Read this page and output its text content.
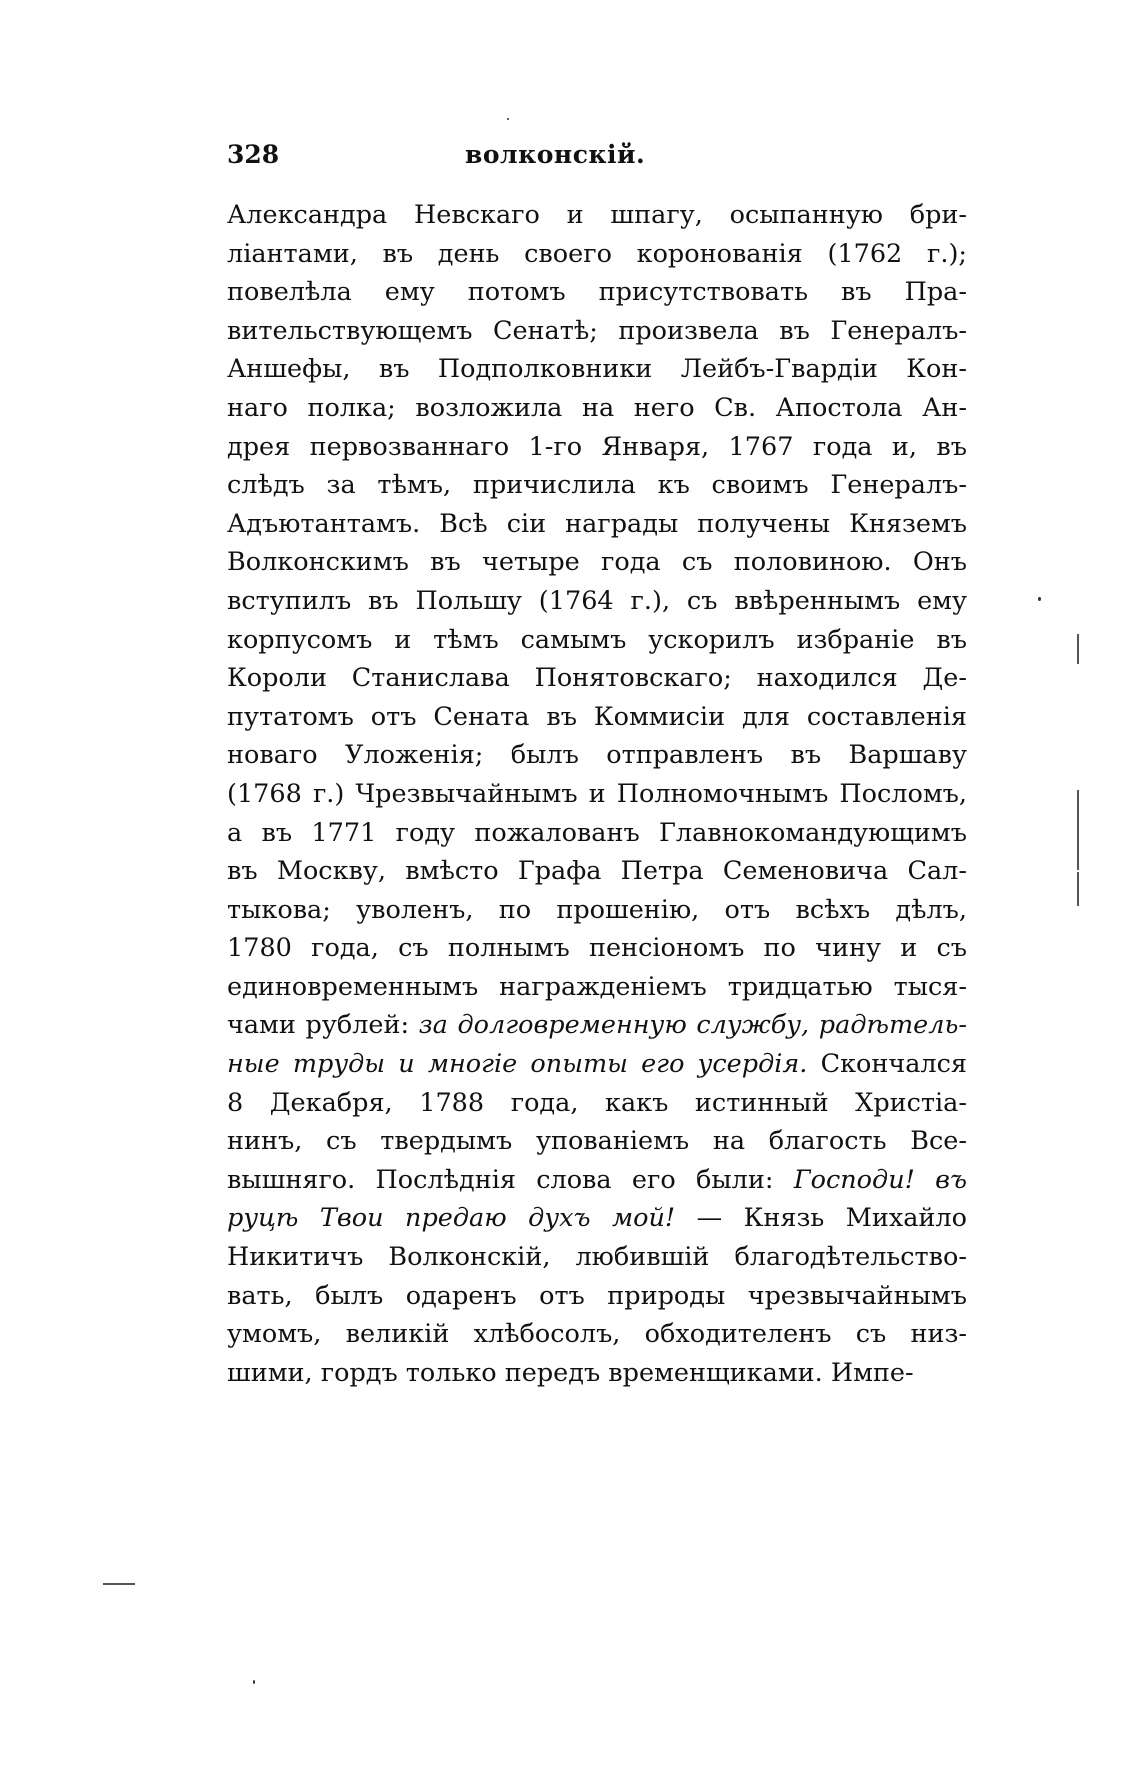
328	волконскій.
Александра Невскаго и шпагу, осыпанную бри-
ліантами, въ день своего коронованія (1762 г.);
повелѣла ему потомъ присутствовать въ Пра-
вительствующемъ Сенатѣ; произвела въ Генералъ-
Аншефы, въ Подполковники Лейбъ-Гвардіи Кон-
наго полка; возложила на него Св. Апостола Ан-
дрея первозваннаго 1-го Января, 1767 года и, въ
слѣдъ за тѣмъ, причислила къ своимъ Генералъ-
Адъютантамъ. Всѣ сіи награды получены Княземъ
Волконскимъ въ четыре года съ половиною. Онъ
вступилъ въ Польшу (1764 г.), съ ввѣреннымъ ему
корпусомъ и тѣмъ самымъ ускорилъ избраніе въ
Короли Станислава Понятовскаго; находился Де-
путатомъ отъ Сената въ Коммисіи для составленія
новаго Уложенія; былъ отправленъ въ Варшаву
(1768 г.) Чрезвычайнымъ и Полномочнымъ Посломъ,
а въ 1771 году пожалованъ Главнокомандующимъ
въ Москву, вмѣсто Графа Петра Семеновича Сал-
тыкова; уволенъ, по прошенію, отъ всѣхъ дѣлъ,
1780 года, съ полнымъ пенсіономъ по чину и съ
единовременнымъ награжденіемъ тридцатью тыся-
чами рублей: за долговременную службу, радѣтель-
ные труды и многіе опыты его усердія. Скончался
8 Декабря, 1788 года, какъ истинный Христіа-
нинъ, съ твердымъ упованіемъ на благость Все-
вышняго. Послѣднія слова его были: Господи! въ
руцѣ Твои предаю духъ мой! — Князь Михайло
Никитичъ Волконскій, любившій благодѣтельство-
вать, былъ одаренъ отъ природы чрезвычайнымъ
умомъ, великій хлѣбосолъ, обходителенъ съ низ-
шими, гордъ только передъ временщиками. Импе-
